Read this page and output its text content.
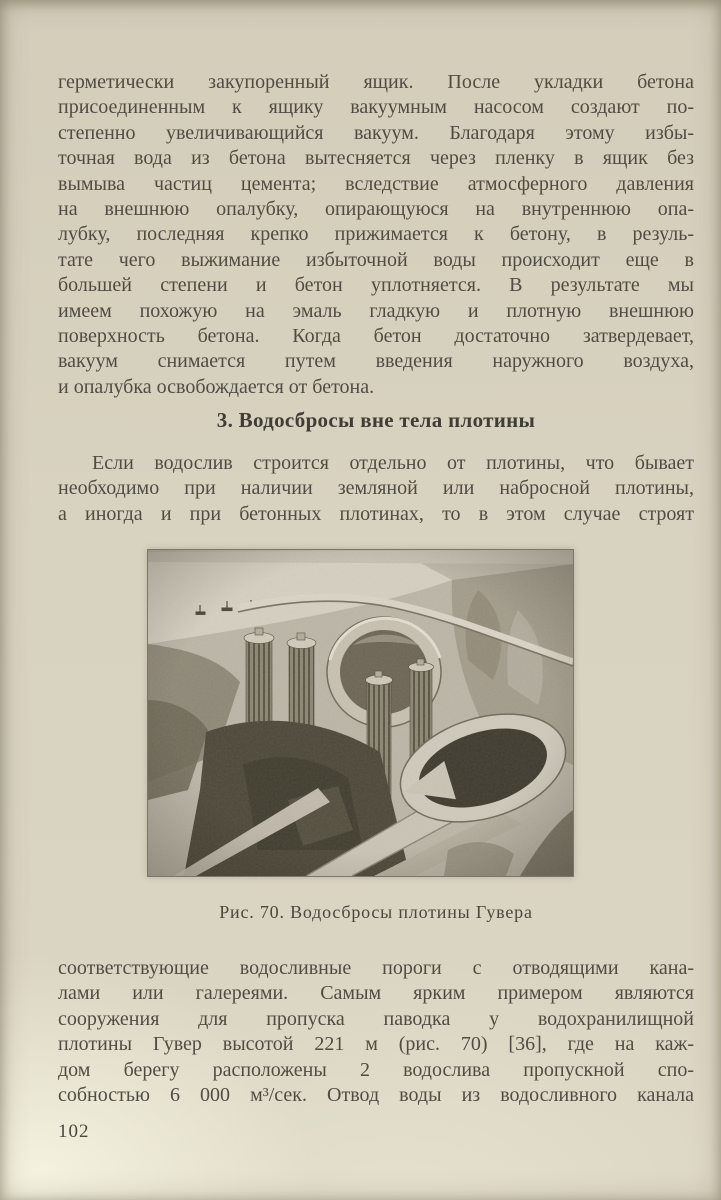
герметически закупоренный ящик. После укладки бетона
присоединенным к ящику вакуумным насосом создают по-
степенно увеличивающийся вакуум. Благодаря этому избы-
точная вода из бетона вытесняется через пленку в ящик без
вымыва частиц цемента; вследствие атмосферного давления
на внешнюю опалубку, опирающуюся на внутреннюю опа-
лубку, последняя крепко прижимается к бетону, в резуль-
тате чего выжимание избыточной воды происходит еще в
большей степени и бетон уплотняется. В результате мы
имеем похожую на эмаль гладкую и плотную внешнюю
поверхность бетона. Когда бетон достаточно затвердевает,
вакуум снимается путем введения наружного воздуха,
и опалубка освобождается от бетона.
3. Водосбросы вне тела плотины
Если водослив строится отдельно от плотины, что бывает
необходимо при наличии земляной или набросной плотины,
а иногда и при бетонных плотинах, то в этом случае строят
Рис. 70. Водосбросы плотины Гувера
соответствующие водосливные пороги с отводящими кана-
лами или галереями. Самым ярким примером являются
сооружения для пропуска паводка у водохранилищной
плотины Гувер высотой 221 м (рис. 70) [36], где на каж-
дом берегу расположены 2 водослива пропускной спо-
собностью 6 000 м³/сек. Отвод воды из водосливного канала
102
